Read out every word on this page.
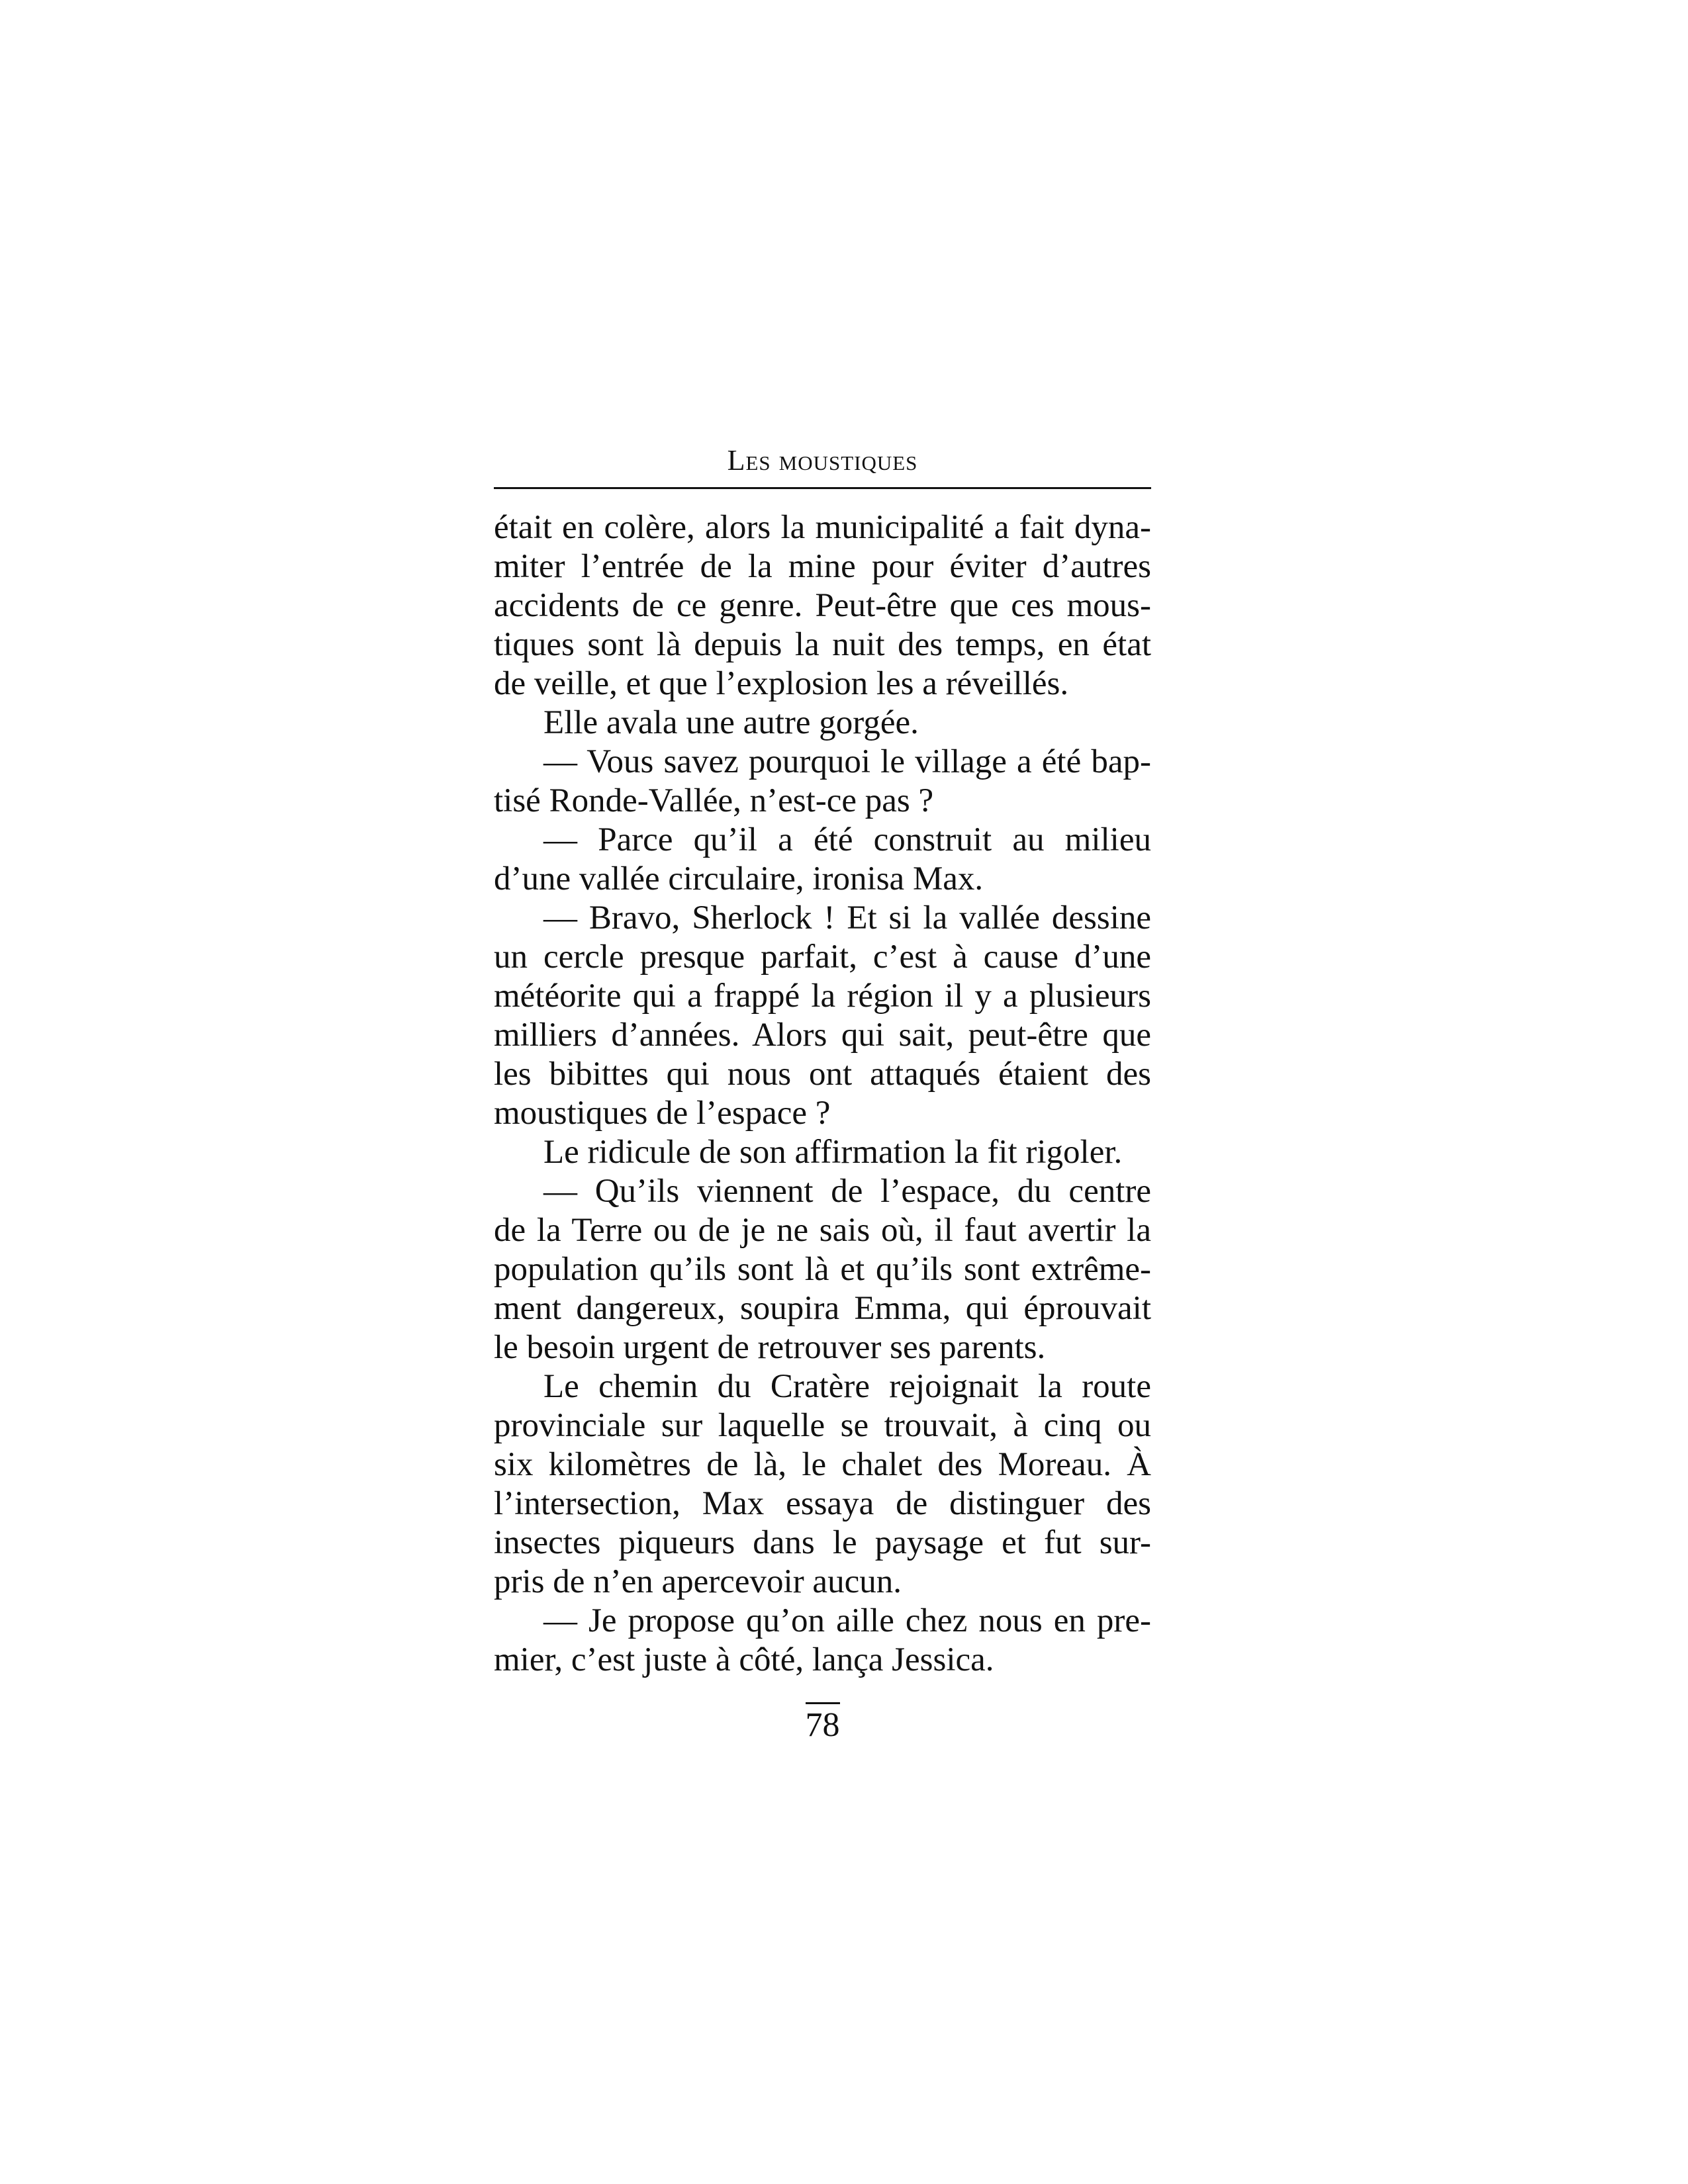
Les moustiques
était en colère, alors la municipalité a fait dyna-
miter l’entrée de la mine pour éviter d’autres
accidents de ce genre. Peut-être que ces mous-
tiques sont là depuis la nuit des temps, en état
de veille, et que l’explosion les a réveillés.
Elle avala une autre gorgée.
— Vous savez pourquoi le village a été bap-
tisé Ronde-Vallée, n’est-ce pas ?
— Parce qu’il a été construit au milieu
d’une vallée circulaire, ironisa Max.
— Bravo, Sherlock ! Et si la vallée dessine
un cercle presque parfait, c’est à cause d’une
météorite qui a frappé la région il y a plusieurs
milliers d’années. Alors qui sait, peut-être que
les bibittes qui nous ont attaqués étaient des
moustiques de l’espace ?
Le ridicule de son affirmation la fit rigoler.
— Qu’ils viennent de l’espace, du centre
de la Terre ou de je ne sais où, il faut avertir la
population qu’ils sont là et qu’ils sont extrême-
ment dangereux, soupira Emma, qui éprouvait
le besoin urgent de retrouver ses parents.
Le chemin du Cratère rejoignait la route
provinciale sur laquelle se trouvait, à cinq ou
six kilomètres de là, le chalet des Moreau. À
l’intersection, Max essaya de distinguer des
insectes piqueurs dans le paysage et fut sur-
pris de n’en apercevoir aucun.
— Je propose qu’on aille chez nous en pre-
mier, c’est juste à côté, lança Jessica.
78
